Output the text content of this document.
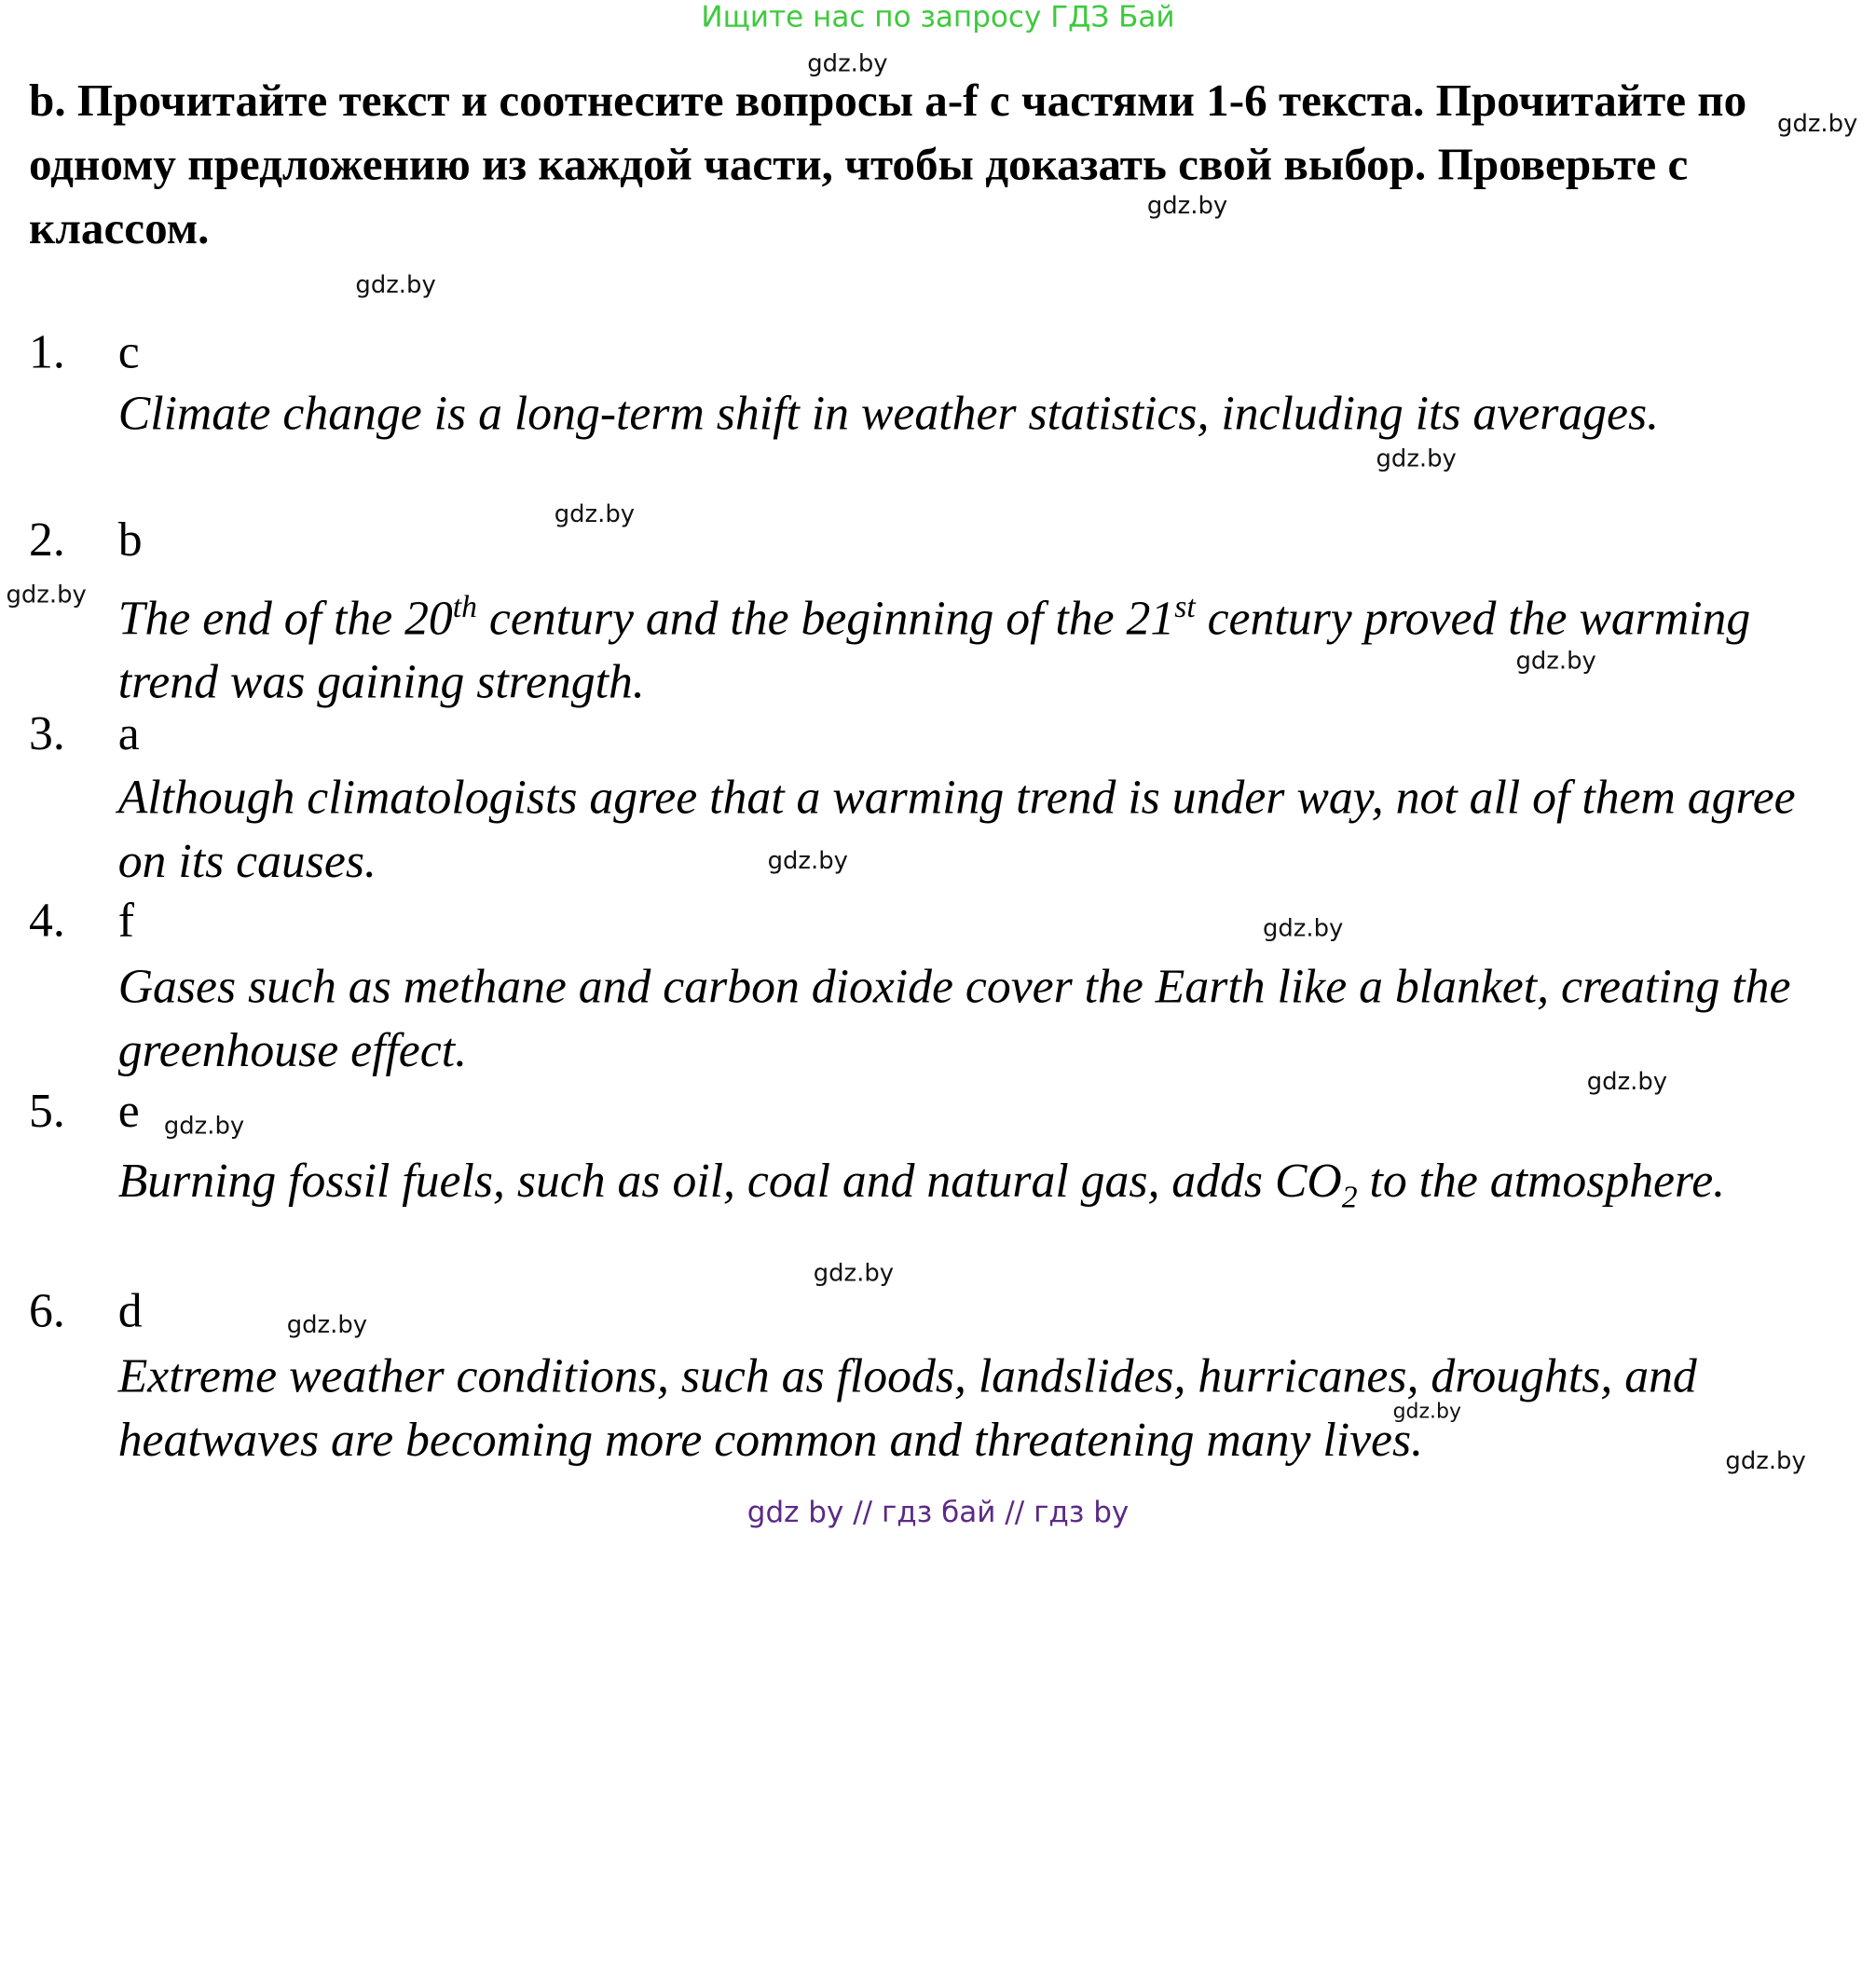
Ищите нас по запросу ГДЗ Бай
b. Прочитайте текст и соотнесите вопросы a-f с частями 1-6 текста. Прочитайте по одному предложению из каждой части, чтобы доказать свой выбор. Проверьте с классом.
1. c
Climate change is a long-term shift in weather statistics, including its averages.
2. b
The end of the 20th century and the beginning of the 21st century proved the warming trend was gaining strength.
3. a
Although climatologists agree that a warming trend is under way, not all of them agree on its causes.
4. f
Gases such as methane and carbon dioxide cover the Earth like a blanket, creating the greenhouse effect.
5. e
Burning fossil fuels, such as oil, coal and natural gas, adds $CO_2$ to the atmosphere.
6. d
Extreme weather conditions, such as floods, landslides, hurricanes, droughts, and heatwaves are becoming more common and threatening many lives.
gdz.by
gdz.by
gdz.by
gdz.by
gdz.by
gdz.by
gdz.by
gdz.by
gdz.by
gdz.by
gdz.by
gdz.by
gdz.by
gdz.by
gdz.by
gdz.by
gdz by // гдз бай // гдз by
